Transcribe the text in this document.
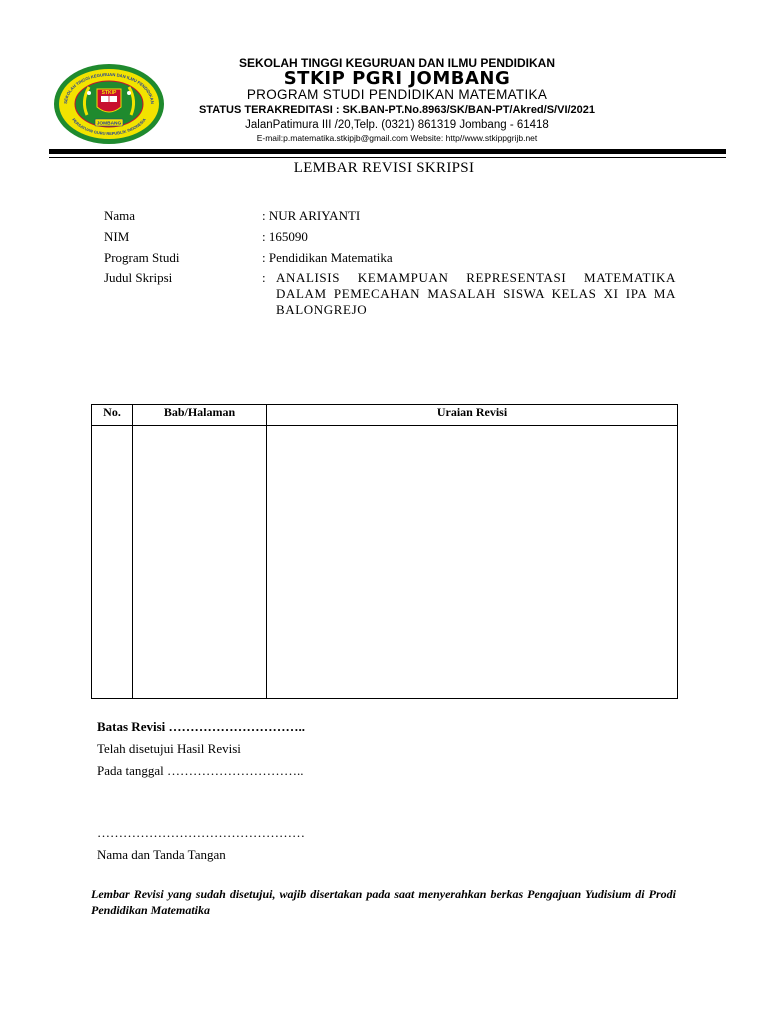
SEKOLAH TINGGI KEGURUAN DAN ILMU PENDIDIKAN
PERSATUAN GURU REPUBLIK INDONESIA
STKIP
JOMBANG
SEKOLAH TINGGI KEGURUAN DAN ILMU PENDIDIKAN
STKIP PGRI JOMBANG
PROGRAM STUDI PENDIDIKAN MATEMATIKA
STATUS TERAKREDITASI : SK.BAN-PT.No.8963/SK/BAN-PT/Akred/S/VI/2021
JalanPatimura III /20,Telp. (0321) 861319 Jombang - 61418
E-mail:p.matematika.stkipjb@gmail.com Website: http//www.stkippgrijb.net
LEMBAR REVISI SKRIPSI
Nama	: NUR ARIYANTI
NIM	: 165090
Program Studi	: Pendidikan Matematika
Judul Skripsi	: ANALISIS KEMAMPUAN REPRESENTASI MATEMATIKA DALAM PEMECAHAN MASALAH SISWA KELAS XI IPA MA BALONGREJO
No.	Bab/Halaman	Uraian Revisi

Batas Revisi …………………………..
Telah disetujui Hasil Revisi
Pada tanggal …………………………..
…………………………………………
Nama dan Tanda Tangan
Lembar Revisi yang sudah disetujui, wajib disertakan pada saat menyerahkan berkas Pengajuan Yudisium di Prodi Pendidikan Matematika
